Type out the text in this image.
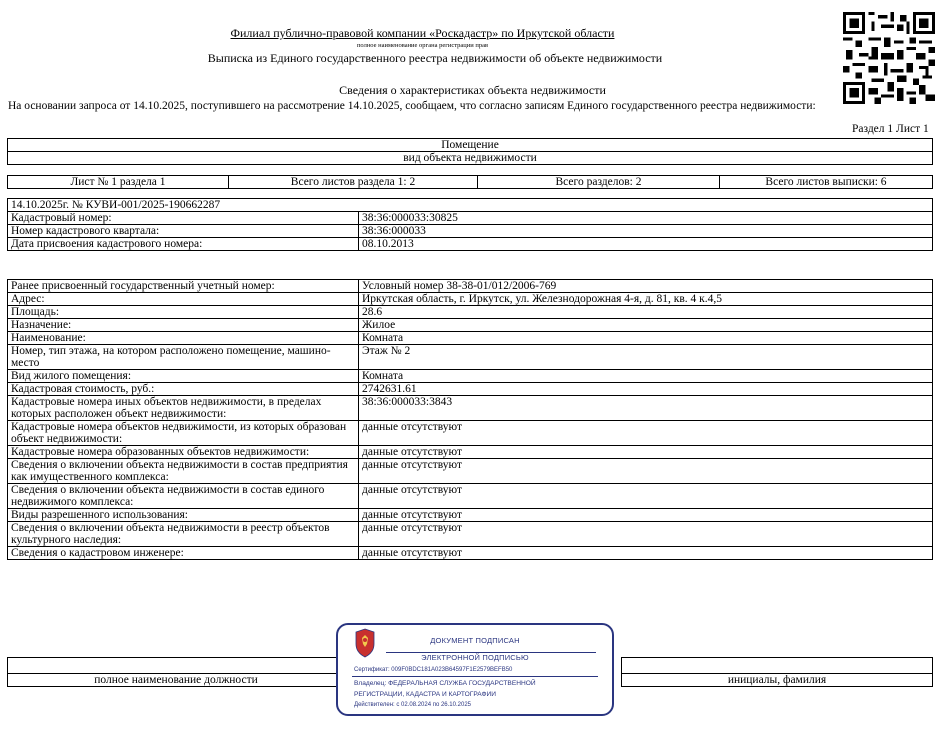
Филиал публично-правовой компании «Роскадастр» по Иркутской области
полное наименование органа регистрации прав
Выписка из Единого государственного реестра недвижимости об объекте недвижимости
Сведения о характеристиках объекта недвижимости
На основании запроса от 14.10.2025, поступившего на рассмотрение 14.10.2025, сообщаем, что согласно записям Единого государственного реестра недвижимости:
Раздел 1 Лист 1
Помещение
вид объекта недвижимости
Лист № 1 раздела 1	Всего листов раздела 1: 2	Всего разделов: 2	Всего листов выписки: 6
14.10.2025г. № КУВИ-001/2025-190662287	
Кадастровый номер:	38:36:000033:30825
Номер кадастрового квартала:	38:36:000033
Дата присвоения кадастрового номера:	08.10.2013
Ранее присвоенный государственный учетный номер:	Условный номер 38-38-01/012/2006-769
Адрес:	Иркутская область, г. Иркутск, ул. Железнодорожная 4-я, д. 81, кв. 4 к.4,5
Площадь:	28.6
Назначение:	Жилое
Наименование:	Комната
Номер, тип этажа, на котором расположено помещение, машино-место	Этаж № 2
Вид жилого помещения:	Комната
Кадастровая стоимость, руб.:	2742631.61
Кадастровые номера иных объектов недвижимости, в пределах которых расположен объект недвижимости:	38:36:000033:3843
Кадастровые номера объектов недвижимости, из которых образован объект недвижимости:	данные отсутствуют
Кадастровые номера образованных объектов недвижимости:	данные отсутствуют
Сведения о включении объекта недвижимости в состав предприятия как имущественного комплекса:	данные отсутствуют
Сведения о включении объекта недвижимости в состав единого недвижимого комплекса:	данные отсутствуют
Виды разрешенного использования:	данные отсутствуют
Сведения о включении объекта недвижимости в реестр объектов культурного наследия:	данные отсутствуют
Сведения о кадастровом инженере:	данные отсутствуют

полное наименование должности		инициалы, фамилия
ДОКУМЕНТ ПОДПИСАН
ЭЛЕКТРОННОЙ ПОДПИСЬЮ
Сертификат: 009F0BDC181A023B64597F1E2579BEFB50
Владелец: ФЕДЕРАЛЬНАЯ СЛУЖБА ГОСУДАРСТВЕННОЙ
РЕГИСТРАЦИИ, КАДАСТРА И КАРТОГРАФИИ
Действителен: с 02.08.2024 по 26.10.2025
